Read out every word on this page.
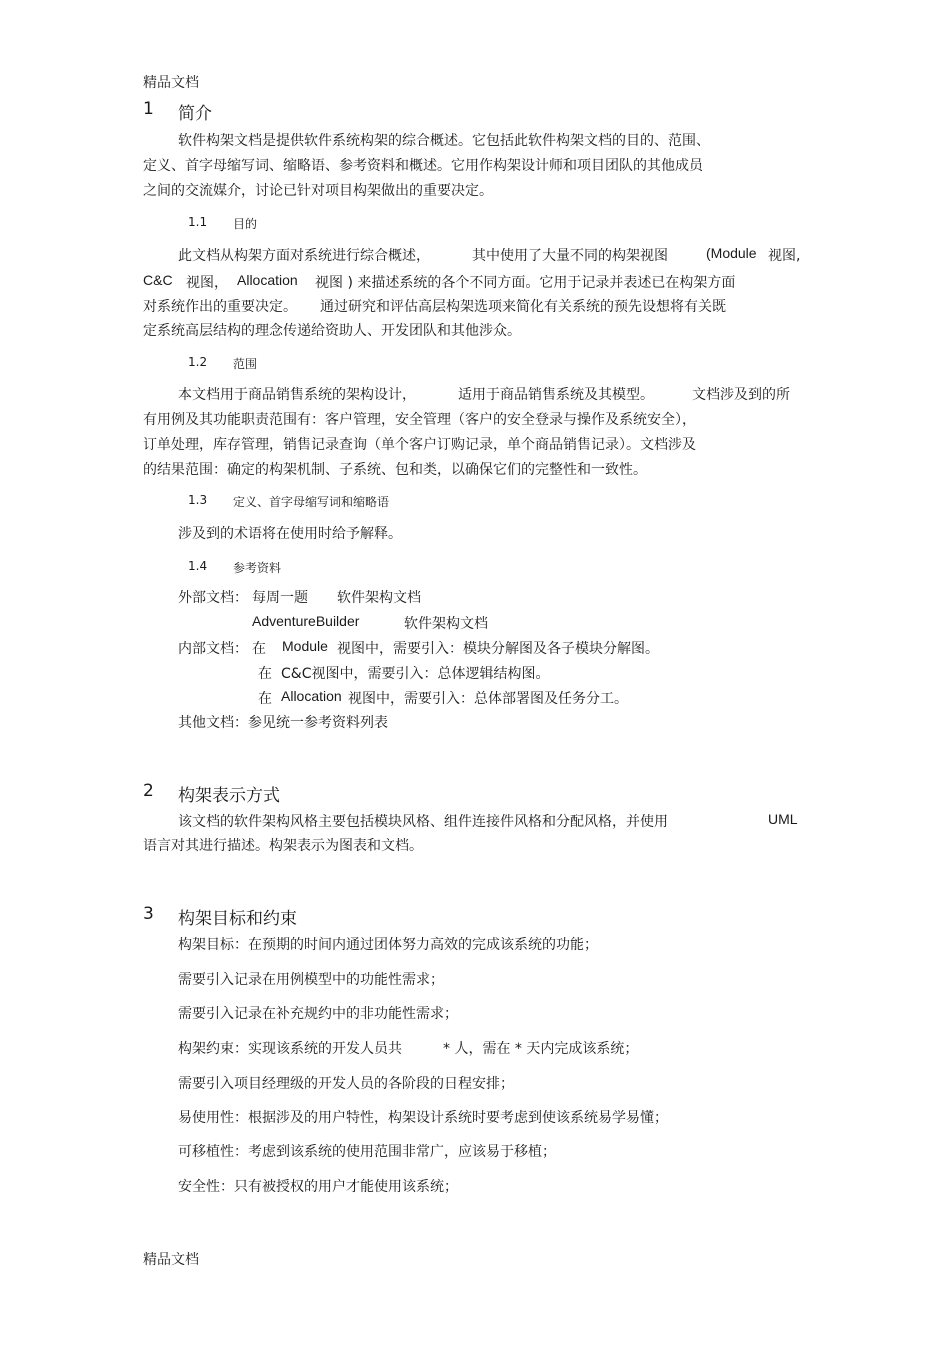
精品文档
1 简介
软件构架文档是提供软件系统构架的综合概述。它包括此软件构架文档的目的、范围、
定义、首字母缩写词、缩略语、参考资料和概述。它用作构架设计师和项目团队的其他成员
之间的交流媒介，讨论已针对项目构架做出的重要决定。
1.1 目的
此文档从构架方面对系统进行综合概述，	其中使用了大量不同的构架视图	(Module 视图,
C&C 视图， Allocation 视图 ) 来描述系统的各个不同方面。它用于记录并表述已在构架方面
对系统作出的重要决定。 通过研究和评估高层构架选项来简化有关系统的预先设想将有关既
定系统高层结构的理念传递给资助人、开发团队和其他涉众。
1.2 范围
本文档用于商品销售系统的架构设计，	适用于商品销售系统及其模型。	文档涉及到的所
有用例及其功能职责范围有：客户管理，安全管理（客户的安全登录与操作及系统安全），
订单处理，库存管理，销售记录查询（单个客户订购记录，单个商品销售记录）。文档涉及
的结果范围：确定的构架机制、子系统、包和类，以确保它们的完整性和一致性。
1.3 定义、首字母缩写词和缩略语
涉及到的术语将在使用时给予解释。
1.4 参考资料
外部文档： 每周一题 软件架构文档
AdventureBuilder	软件架构文档
内部文档： 在 Module 视图中，需要引入：模块分解图及各子模块分解图。
在 C&C视图中，需要引入：总体逻辑结构图。
在 Allocation 视图中，需要引入：总体部署图及任务分工。
其他文档：参见统一参考资料列表
2 构架表示方式
该文档的软件架构风格主要包括模块风格、组件连接件风格和分配风格，并使用	UML
语言对其进行描述。构架表示为图表和文档。
3 构架目标和约束
构架目标：在预期的时间内通过团体努力高效的完成该系统的功能；
需要引入记录在用例模型中的功能性需求；
需要引入记录在补充规约中的非功能性需求；
构架约束：实现该系统的开发人员共	* 人，需在 * 天内完成该系统；
需要引入项目经理级的开发人员的各阶段的日程安排；
易使用性：根据涉及的用户特性，构架设计系统时要考虑到使该系统易学易懂；
可移植性：考虑到该系统的使用范围非常广，应该易于移植；
安全性：只有被授权的用户才能使用该系统；
精品文档
